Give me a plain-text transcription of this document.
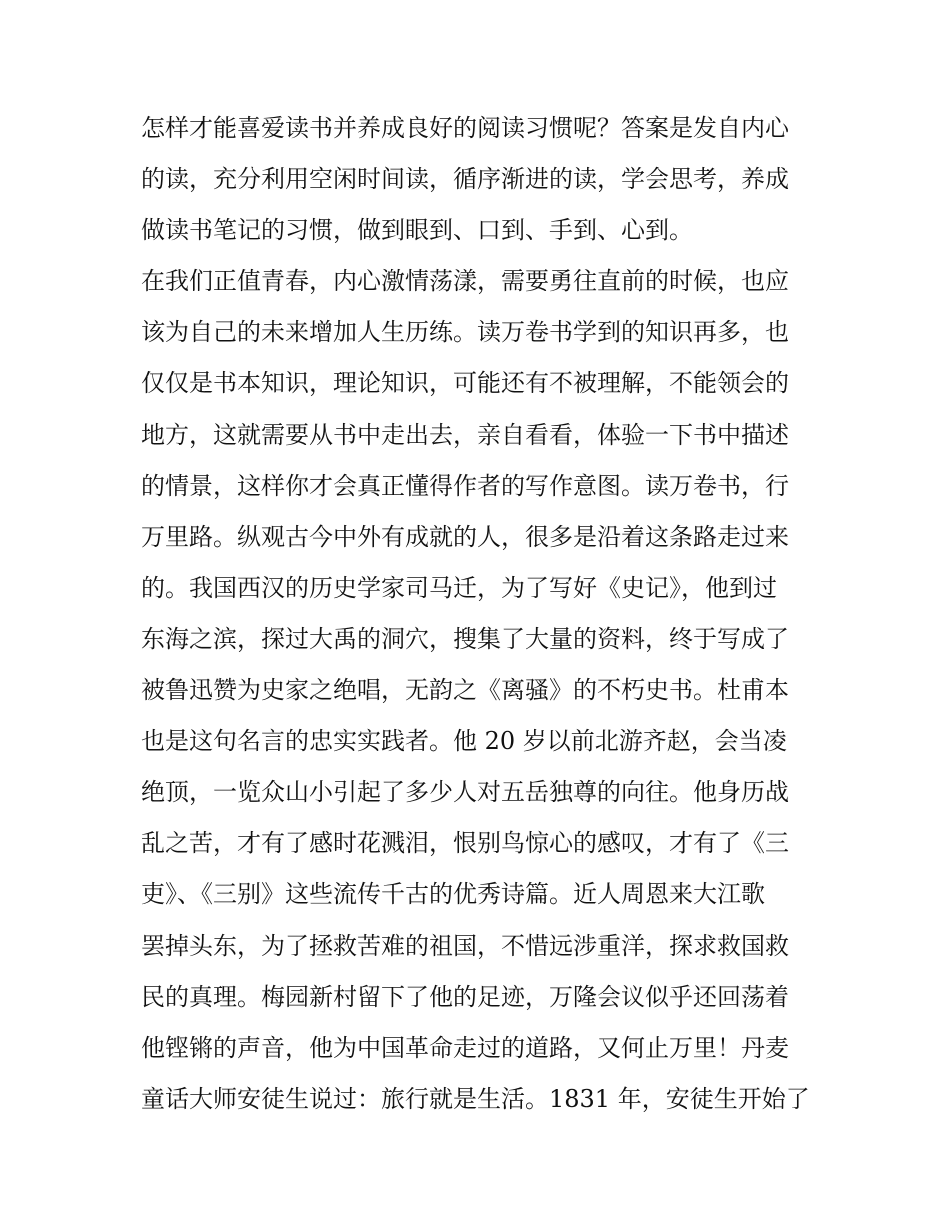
怎样才能喜爱读书并养成良好的阅读习惯呢？答案是发自内心
的读，充分利用空闲时间读，循序渐进的读，学会思考，养成
做读书笔记的习惯，做到眼到、口到、手到、心到。
在我们正值青春，内心激情荡漾，需要勇往直前的时候，也应
该为自己的未来增加人生历练。读万卷书学到的知识再多，也
仅仅是书本知识，理论知识，可能还有不被理解，不能领会的
地方，这就需要从书中走出去，亲自看看，体验一下书中描述
的情景，这样你才会真正懂得作者的写作意图。读万卷书，行
万里路。纵观古今中外有成就的人，很多是沿着这条路走过来
的。我国西汉的历史学家司马迁，为了写好《史记》，他到过
东海之滨，探过大禹的洞穴，搜集了大量的资料，终于写成了
被鲁迅赞为史家之绝唱，无韵之《离骚》的不朽史书。杜甫本
也是这句名言的忠实实践者。他 20 岁以前北游齐赵，会当凌
绝顶，一览众山小引起了多少人对五岳独尊的向往。他身历战
乱之苦，才有了感时花溅泪，恨别鸟惊心的感叹，才有了《三
吏》、《三别》这些流传千古的优秀诗篇。近人周恩来大江歌
罢掉头东，为了拯救苦难的祖国，不惜远涉重洋，探求救国救
民的真理。梅园新村留下了他的足迹，万隆会议似乎还回荡着
他铿锵的声音，他为中国革命走过的道路，又何止万里！丹麦
童话大师安徒生说过：旅行就是生活。1831 年，安徒生开始了
